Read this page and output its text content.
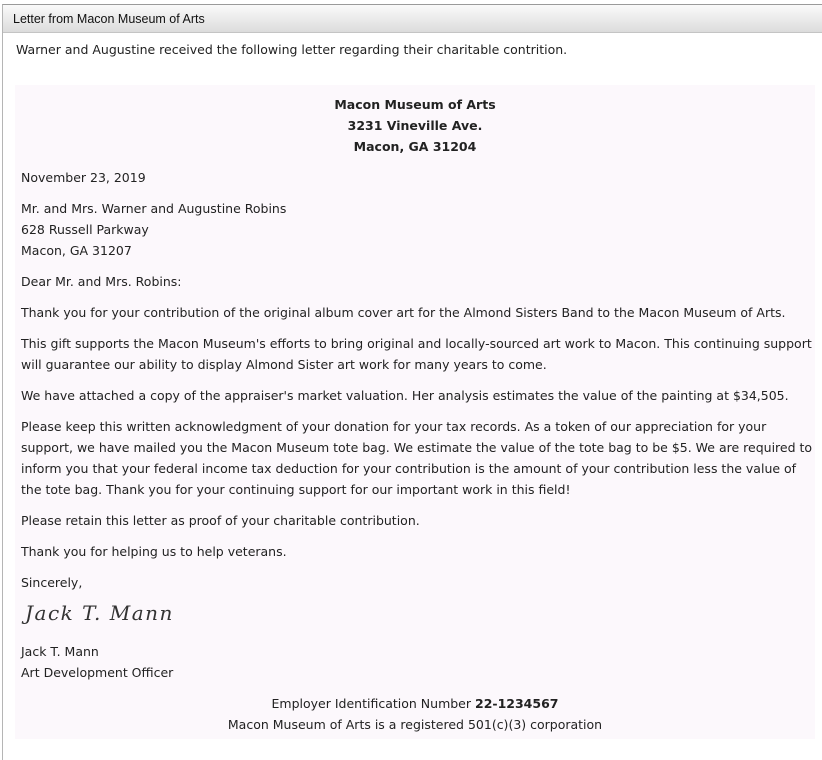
Letter from Macon Museum of Arts
Warner and Augustine received the following letter regarding their charitable contrition.
Macon Museum of Arts
3231 Vineville Ave.
Macon, GA 31204
November 23, 2019
Mr. and Mrs. Warner and Augustine Robins
628 Russell Parkway
Macon, GA 31207
Dear Mr. and Mrs. Robins:
Thank you for your contribution of the original album cover art for the Almond Sisters Band to the Macon Museum of Arts.
This gift supports the Macon Museum's efforts to bring original and locally-sourced art work to Macon. This continuing support will guarantee our ability to display Almond Sister art work for many years to come.
We have attached a copy of the appraiser's market valuation. Her analysis estimates the value of the painting at $34,505.
Please keep this written acknowledgment of your donation for your tax records. As a token of our appreciation for your support, we have mailed you the Macon Museum tote bag. We estimate the value of the tote bag to be $5. We are required to inform you that your federal income tax deduction for your contribution is the amount of your contribution less the value of the tote bag. Thank you for your continuing support for our important work in this field!
Please retain this letter as proof of your charitable contribution.
Thank you for helping us to help veterans.
Sincerely,
Jack T. Mann
Jack T. Mann
Art Development Officer
Employer Identification Number 22-1234567
Macon Museum of Arts is a registered 501(c)(3) corporation
